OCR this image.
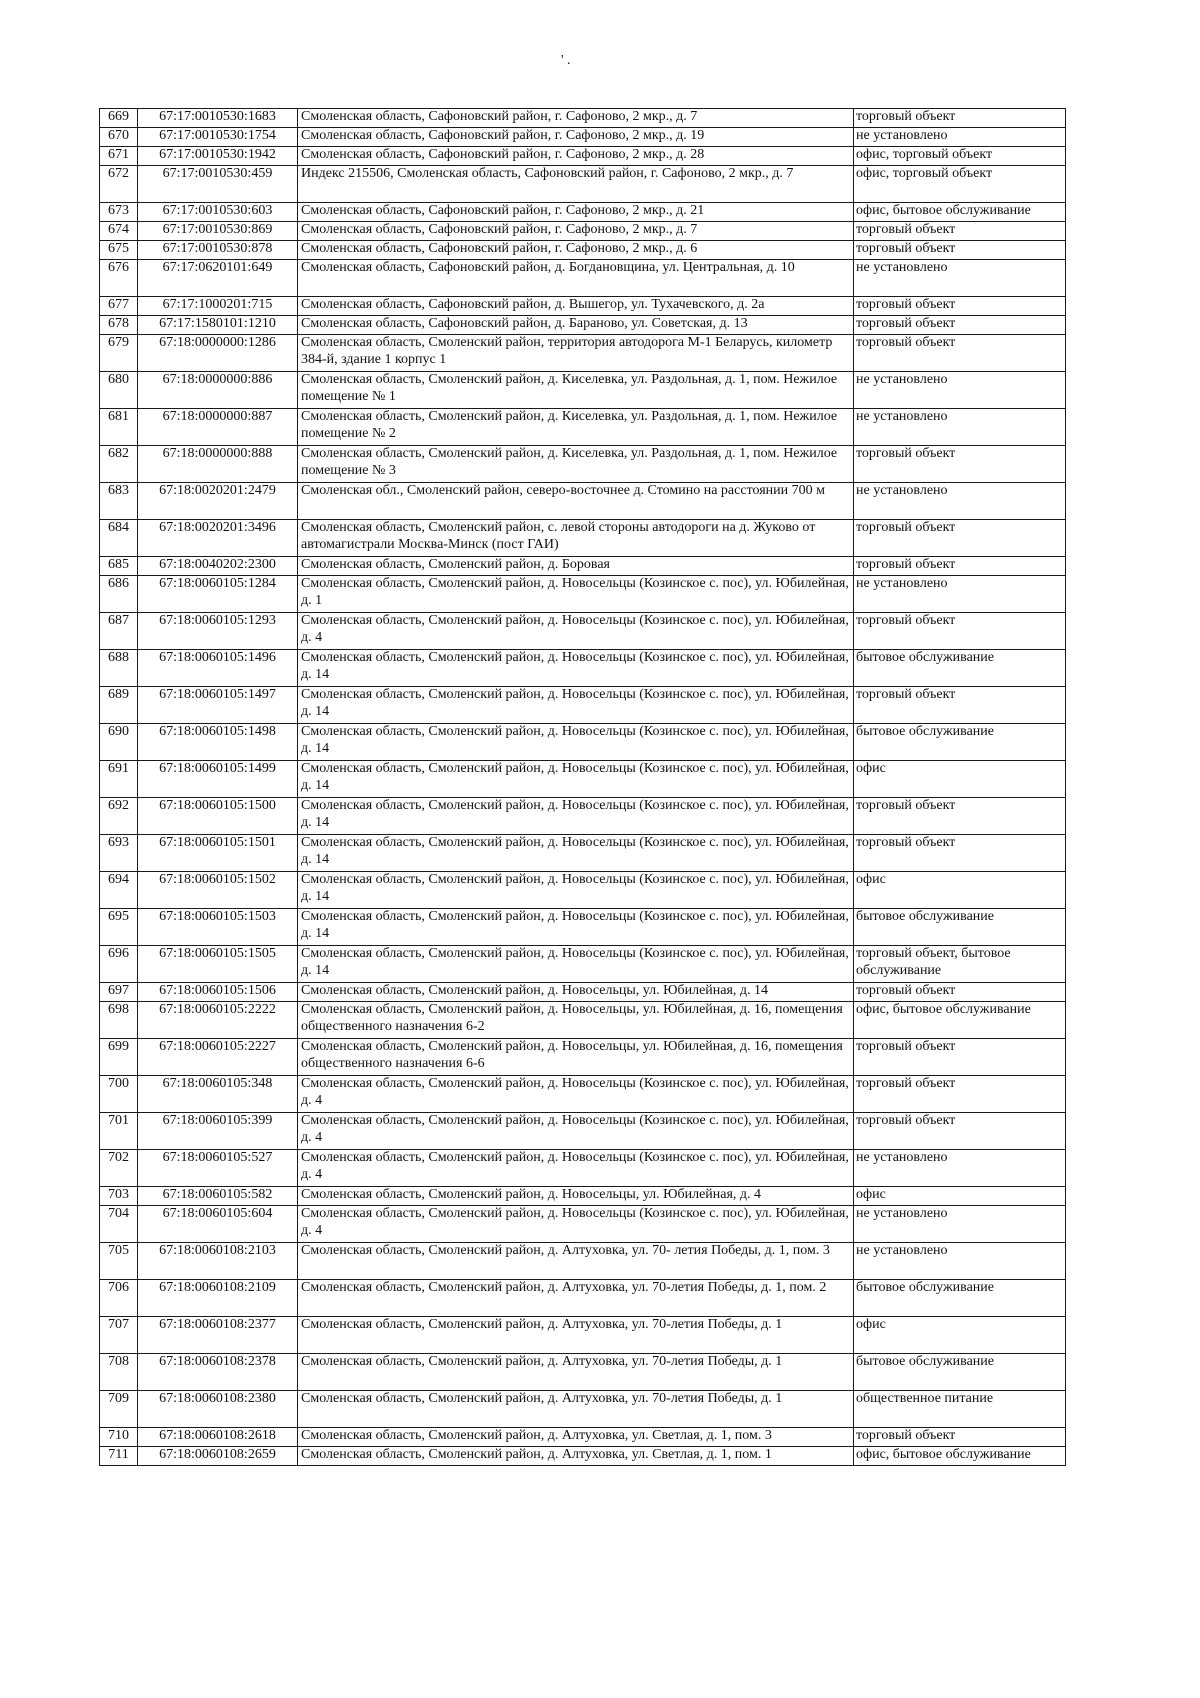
' .
669	67:17:0010530:1683	Смоленская область, Сафоновский район, г. Сафоново, 2 мкр., д. 7	торговый объект
670	67:17:0010530:1754	Смоленская область, Сафоновский район, г. Сафоново, 2 мкр., д. 19	не установлено
671	67:17:0010530:1942	Смоленская область, Сафоновский район, г. Сафоново, 2 мкр., д. 28	офис, торговый объект
672	67:17:0010530:459	Индекс 215506, Смоленская область, Сафоновский район, г. Сафоново, 2 мкр., д. 7	офис, торговый объект
673	67:17:0010530:603	Смоленская область, Сафоновский район, г. Сафоново, 2 мкр., д. 21	офис, бытовое обслуживание
674	67:17:0010530:869	Смоленская область, Сафоновский район, г. Сафоново, 2 мкр., д. 7	торговый объект
675	67:17:0010530:878	Смоленская область, Сафоновский район, г. Сафоново, 2 мкр., д. 6	торговый объект
676	67:17:0620101:649	Смоленская область, Сафоновский район, д. Богдановщина, ул. Центральная, д. 10	не установлено
677	67:17:1000201:715	Смоленская область, Сафоновский район, д. Вышегор, ул. Тухачевского, д. 2а	торговый объект
678	67:17:1580101:1210	Смоленская область, Сафоновский район, д. Бараново, ул. Советская, д. 13	торговый объект
679	67:18:0000000:1286	Смоленская область, Смоленский район, территория автодорога М-1 Беларусь, километр 384-й, здание 1 корпус 1	торговый объект
680	67:18:0000000:886	Смоленская область, Смоленский район, д. Киселевка, ул. Раздольная, д. 1, пом. Нежилое помещение № 1	не установлено
681	67:18:0000000:887	Смоленская область, Смоленский район, д. Киселевка, ул. Раздольная, д. 1, пом. Нежилое помещение № 2	не установлено
682	67:18:0000000:888	Смоленская область, Смоленский район, д. Киселевка, ул. Раздольная, д. 1, пом. Нежилое помещение № 3	торговый объект
683	67:18:0020201:2479	Смоленская обл., Смоленский район, северо-восточнее д. Стомино на расстоянии 700 м	не установлено
684	67:18:0020201:3496	Смоленская область, Смоленский район, с. левой стороны автодороги на д. Жуково от автомагистрали Москва-Минск (пост ГАИ)	торговый объект
685	67:18:0040202:2300	Смоленская область, Смоленский район, д. Боровая	торговый объект
686	67:18:0060105:1284	Смоленская область, Смоленский район, д. Новосельцы (Козинское с. пос), ул. Юбилейная, д. 1	не установлено
687	67:18:0060105:1293	Смоленская область, Смоленский район, д. Новосельцы (Козинское с. пос), ул. Юбилейная, д. 4	торговый объект
688	67:18:0060105:1496	Смоленская область, Смоленский район, д. Новосельцы (Козинское с. пос), ул. Юбилейная, д. 14	бытовое обслуживание
689	67:18:0060105:1497	Смоленская область, Смоленский район, д. Новосельцы (Козинское с. пос), ул. Юбилейная, д. 14	торговый объект
690	67:18:0060105:1498	Смоленская область, Смоленский район, д. Новосельцы (Козинское с. пос), ул. Юбилейная, д. 14	бытовое обслуживание
691	67:18:0060105:1499	Смоленская область, Смоленский район, д. Новосельцы (Козинское с. пос), ул. Юбилейная, д. 14	офис
692	67:18:0060105:1500	Смоленская область, Смоленский район, д. Новосельцы (Козинское с. пос), ул. Юбилейная, д. 14	торговый объект
693	67:18:0060105:1501	Смоленская область, Смоленский район, д. Новосельцы (Козинское с. пос), ул. Юбилейная, д. 14	торговый объект
694	67:18:0060105:1502	Смоленская область, Смоленский район, д. Новосельцы (Козинское с. пос), ул. Юбилейная, д. 14	офис
695	67:18:0060105:1503	Смоленская область, Смоленский район, д. Новосельцы (Козинское с. пос), ул. Юбилейная, д. 14	бытовое обслуживание
696	67:18:0060105:1505	Смоленская область, Смоленский район, д. Новосельцы (Козинское с. пос), ул. Юбилейная, д. 14	торговый объект, бытовое обслуживание
697	67:18:0060105:1506	Смоленская область, Смоленский район, д. Новосельцы, ул. Юбилейная, д. 14	торговый объект
698	67:18:0060105:2222	Смоленская область, Смоленский район, д. Новосельцы, ул. Юбилейная, д. 16, помещения общественного назначения 6-2	офис, бытовое обслуживание
699	67:18:0060105:2227	Смоленская область, Смоленский район, д. Новосельцы, ул. Юбилейная, д. 16, помещения общественного назначения 6-6	торговый объект
700	67:18:0060105:348	Смоленская область, Смоленский район, д. Новосельцы (Козинское с. пос), ул. Юбилейная, д. 4	торговый объект
701	67:18:0060105:399	Смоленская область, Смоленский район, д. Новосельцы (Козинское с. пос), ул. Юбилейная, д. 4	торговый объект
702	67:18:0060105:527	Смоленская область, Смоленский район, д. Новосельцы (Козинское с. пос), ул. Юбилейная, д. 4	не установлено
703	67:18:0060105:582	Смоленская область, Смоленский район, д. Новосельцы, ул. Юбилейная, д. 4	офис
704	67:18:0060105:604	Смоленская область, Смоленский район, д. Новосельцы (Козинское с. пос), ул. Юбилейная, д. 4	не установлено
705	67:18:0060108:2103	Смоленская область, Смоленский район, д. Алтуховка, ул. 70- летия Победы, д. 1, пом. 3	не установлено
706	67:18:0060108:2109	Смоленская область, Смоленский район, д. Алтуховка, ул. 70-летия Победы, д. 1, пом. 2	бытовое обслуживание
707	67:18:0060108:2377	Смоленская область, Смоленский район, д. Алтуховка, ул. 70-летия Победы, д. 1	офис
708	67:18:0060108:2378	Смоленская область, Смоленский район, д. Алтуховка, ул. 70-летия Победы, д. 1	бытовое обслуживание
709	67:18:0060108:2380	Смоленская область, Смоленский район, д. Алтуховка, ул. 70-летия Победы, д. 1	общественное питание
710	67:18:0060108:2618	Смоленская область, Смоленский район, д. Алтуховка, ул. Светлая, д. 1, пом. 3	торговый объект
711	67:18:0060108:2659	Смоленская область, Смоленский район, д. Алтуховка, ул. Светлая, д. 1, пом. 1	офис, бытовое обслуживание
